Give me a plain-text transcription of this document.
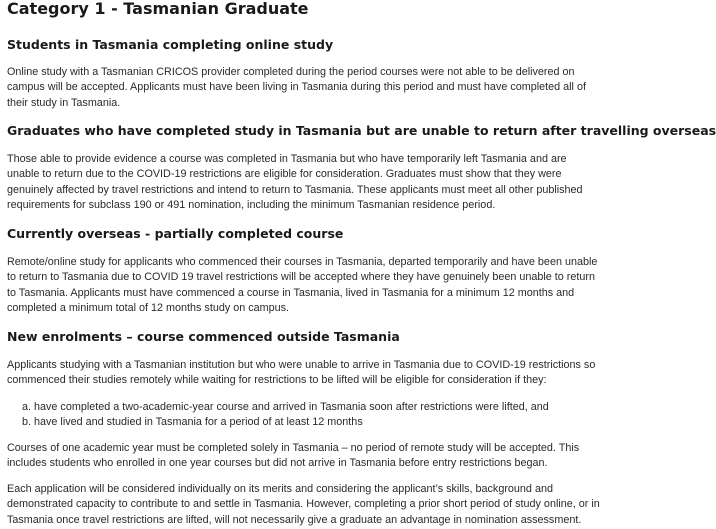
Category 1 - Tasmanian Graduate
Students in Tasmania completing online study
Online study with a Tasmanian CRICOS provider completed during the period courses were not able to be delivered on
campus will be accepted. Applicants must have been living in Tasmania during this period and must have completed all of
their study in Tasmania.
Graduates who have completed study in Tasmania but are unable to return after travelling overseas
Those able to provide evidence a course was completed in Tasmania but who have temporarily left Tasmania and are
unable to return due to the COVID-19 restrictions are eligible for consideration. Graduates must show that they were
genuinely affected by travel restrictions and intend to return to Tasmania. These applicants must meet all other published
requirements for subclass 190 or 491 nomination, including the minimum Tasmanian residence period.
Currently overseas - partially completed course
Remote/online study for applicants who commenced their courses in Tasmania, departed temporarily and have been unable
to return to Tasmania due to COVID 19 travel restrictions will be accepted where they have genuinely been unable to return
to Tasmania. Applicants must have commenced a course in Tasmania, lived in Tasmania for a minimum 12 months and
completed a minimum total of 12 months study on campus.
New enrolments – course commenced outside Tasmania
Applicants studying with a Tasmanian institution but who were unable to arrive in Tasmania due to COVID-19 restrictions so
commenced their studies remotely while waiting for restrictions to be lifted will be eligible for consideration if they:
a. have completed a two-academic-year course and arrived in Tasmania soon after restrictions were lifted, and
b. have lived and studied in Tasmania for a period of at least 12 months
Courses of one academic year must be completed solely in Tasmania – no period of remote study will be accepted. This
includes students who enrolled in one year courses but did not arrive in Tasmania before entry restrictions began.
Each application will be considered individually on its merits and considering the applicant’s skills, background and
demonstrated capacity to contribute to and settle in Tasmania. However, completing a prior short period of study online, or in
Tasmania once travel restrictions are lifted, will not necessarily give a graduate an advantage in nomination assessment.
